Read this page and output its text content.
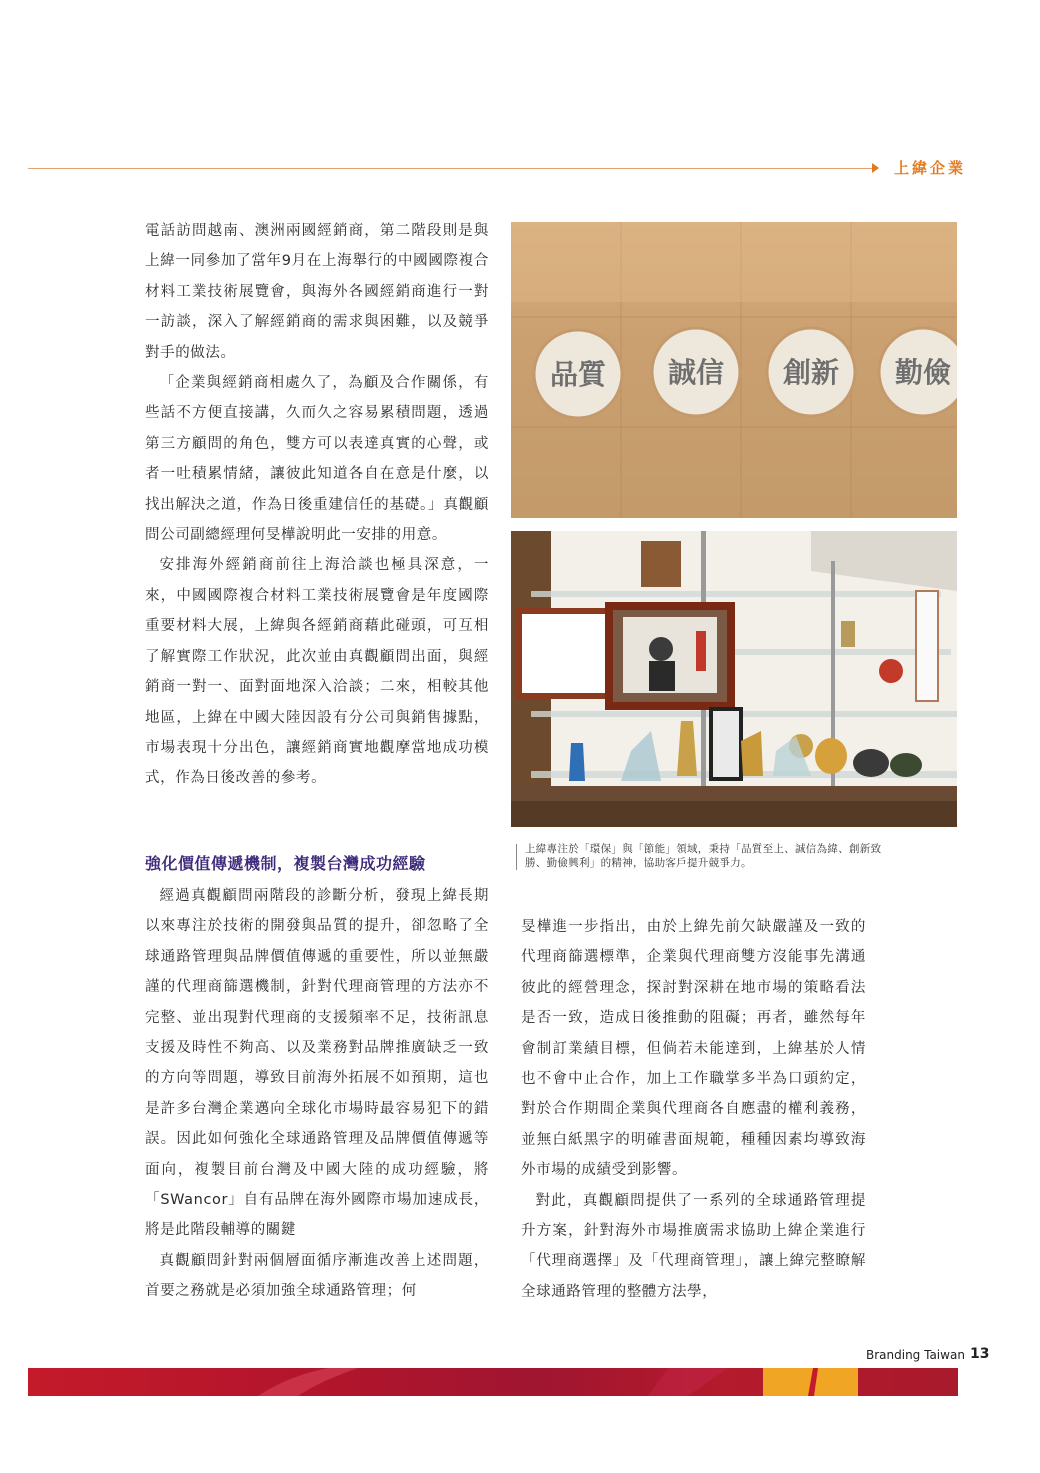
上緯企業

電話訪問越南、澳洲兩國經銷商，第二階段則是與上緯一同參加了當年9月在上海舉行的中國國際複合材料工業技術展覽會，與海外各國經銷商進行一對一訪談，深入了解經銷商的需求與困難，以及競爭對手的做法。

「企業與經銷商相處久了，為顧及合作關係，有些話不方便直接講，久而久之容易累積問題，透過第三方顧問的角色，雙方可以表達真實的心聲，或者一吐積累情緒，讓彼此知道各自在意是什麼，以找出解決之道，作為日後重建信任的基礎。」真觀顧問公司副總經理何旻樺說明此一安排的用意。

安排海外經銷商前往上海洽談也極具深意，一來，中國國際複合材料工業技術展覽會是年度國際重要材料大展，上緯與各經銷商藉此碰頭，可互相了解實際工作狀況，此次並由真觀顧問出面，與經銷商一對一、面對面地深入洽談；二來，相較其他地區，上緯在中國大陸因設有分公司與銷售據點，市場表現十分出色，讓經銷商實地觀摩當地成功模式，作為日後改善的參考。

品質 誠信 創新 勤儉
上緯專注於「環保」與「節能」領域，秉持「品質至上、誠信為緯、創新致勝、勤儉興利」的精神，協助客戶提升競爭力。
強化價值傳遞機制，複製台灣成功經驗

經過真觀顧問兩階段的診斷分析，發現上緯長期以來專注於技術的開發與品質的提升，卻忽略了全球通路管理與品牌價值傳遞的重要性，所以並無嚴謹的代理商篩選機制，針對代理商管理的方法亦不完整、並出現對代理商的支援頻率不足，技術訊息支援及時性不夠高、以及業務對品牌推廣缺乏一致的方向等問題，導致目前海外拓展不如預期，這也是許多台灣企業邁向全球化市場時最容易犯下的錯誤。因此如何強化全球通路管理及品牌價值傳遞等面向，複製目前台灣及中國大陸的成功經驗，將「SWancor」自有品牌在海外國際市場加速成長，將是此階段輔導的關鍵

真觀顧問針對兩個層面循序漸進改善上述問題，首要之務就是必須加強全球通路管理；何

旻樺進一步指出，由於上緯先前欠缺嚴謹及一致的代理商篩選標準，企業與代理商雙方沒能事先溝通彼此的經營理念，探討對深耕在地市場的策略看法是否一致，造成日後推動的阻礙；再者，雖然每年會制訂業績目標，但倘若未能達到，上緯基於人情也不會中止合作，加上工作職掌多半為口頭約定，對於合作期間企業與代理商各自應盡的權利義務，並無白紙黑字的明確書面規範，種種因素均導致海外市場的成績受到影響。

對此，真觀顧問提供了一系列的全球通路管理提升方案，針對海外市場推廣需求協助上緯企業進行「代理商選擇」及「代理商管理」，讓上緯完整瞭解全球通路管理的整體方法學，

Branding Taiwan 13
